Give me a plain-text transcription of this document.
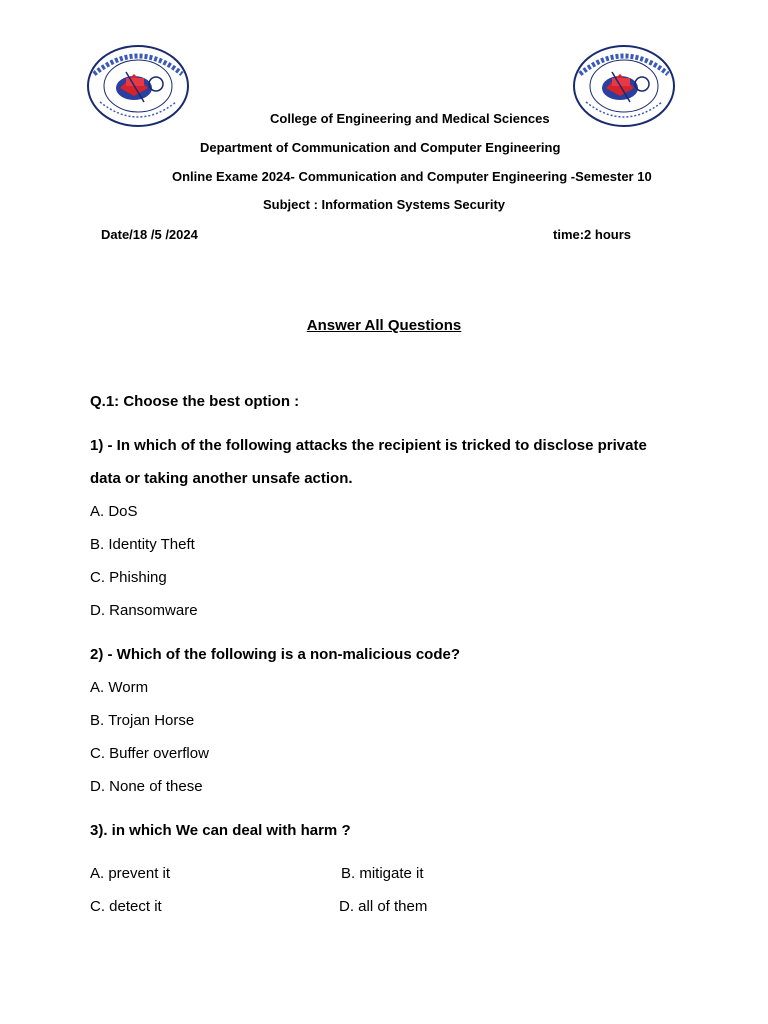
College of Engineering and Medical Sciences
Department of Communication and Computer Engineering
Online Exame 2024- Communication and Computer Engineering -Semester 10
Subject : Information Systems Security
Date/18 /5 /2024	time:2 hours
Answer All Questions
Q.1: Choose the best option :
1) - In which of the following attacks the recipient is tricked to disclose private
data or taking another unsafe action.
A. DoS
B. Identity Theft
C. Phishing
D. Ransomware
2) - Which of the following is a non-malicious code?
A. Worm
B. Trojan Horse
C. Buffer overflow
D. None of these
3). in which We can deal with harm ?
A. prevent it	B. mitigate it
C. detect it	D. all of them
